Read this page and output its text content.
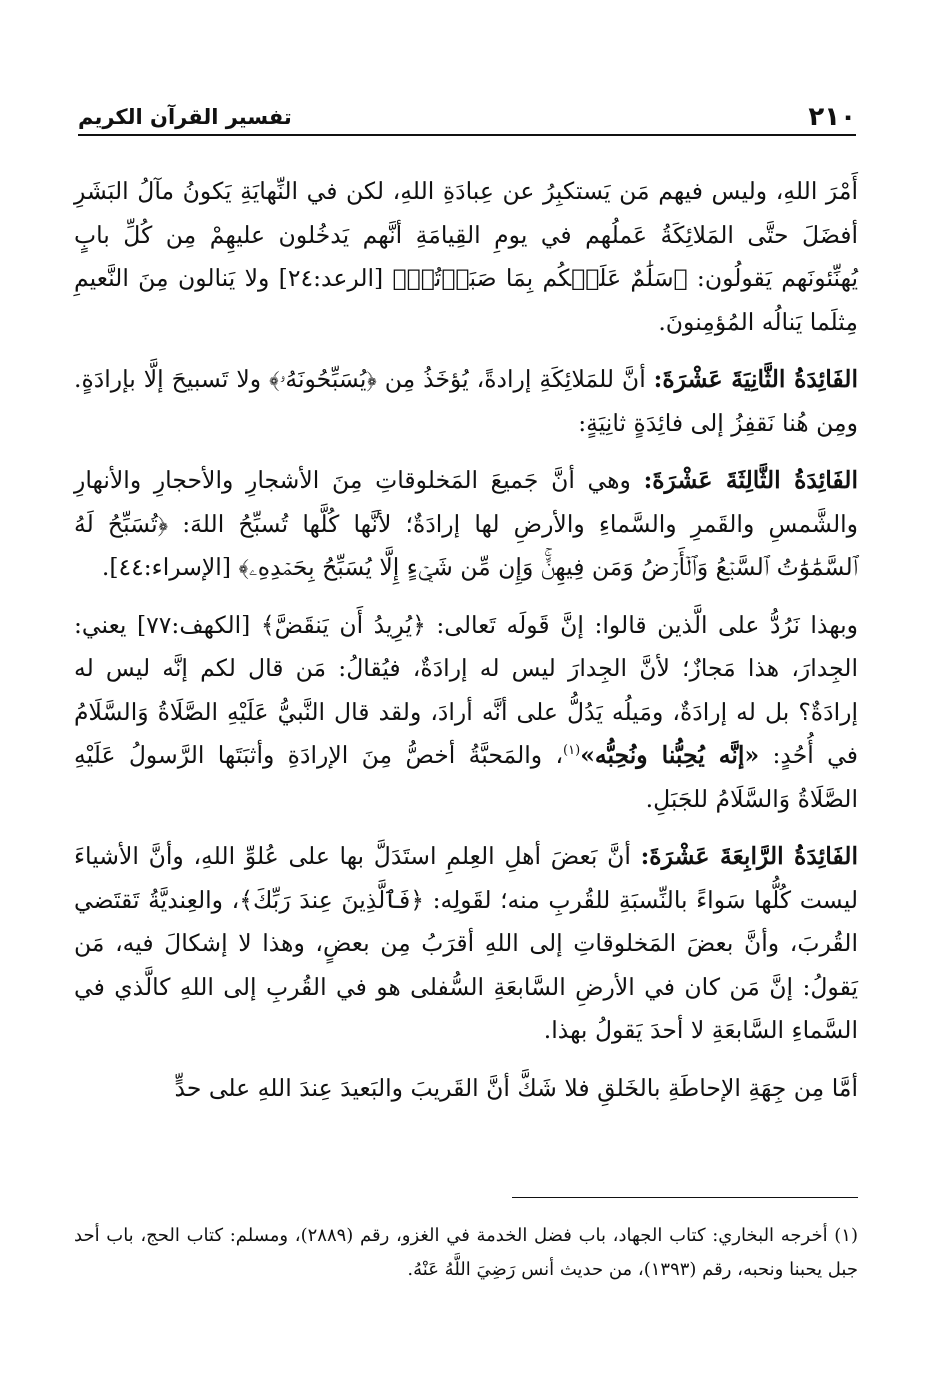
٢١٠
تفسير القرآن الكريم

أَمْرَ اللهِ، وليس فيهم مَن يَستكبِرُ عن عِبادَةِ اللهِ، لكن في النِّهايَةِ يَكونُ مآلُ البَشَرِ أفضَلَ حتَّى المَلائِكَةُ عَملُهم في يومِ القِيامَةِ أنَّهم يَدخُلون عليهِمْ مِن كُلِّ بابٍ يُهنِّئونَهم يَقولُون: ﴿سَلَٰمٌ عَلَيۡكُم بِمَا صَبَرۡتُمۡ﴾ [الرعد:٢٤] ولا يَنالون مِنَ النَّعيمِ مِثلَما يَنالُه المُؤمِنونَ.

الفَائِدَةُ الثَّانِيَةَ عَشْرَةَ: أنَّ للمَلائِكَةِ إرادةً، يُؤخَذُ مِن ﴿يُسَبِّحُونَهُۥ﴾ ولا تَسبيحَ إلَّا بإرادَةٍ. ومِن هُنا نَقفِزُ إلى فائِدَةٍ ثانِيَةٍ:

الفَائِدَةُ الثَّالِثَةَ عَشْرَةَ: وهي أنَّ جَميعَ المَخلوقاتِ مِنَ الأشجارِ والأحجارِ والأنهارِ والشَّمسِ والقَمرِ والسَّماءِ والأرضِ لها إرادَةٌ؛ لأنَّها كُلَّها تُسبِّحُ اللهَ: ﴿تُسَبِّحُ لَهُ ٱلسَّمَٰوَٰتُ ٱلسَّبۡعُ وَٱلۡأَرۡضُ وَمَن فِيهِنَّۚ وَإِن مِّن شَيۡءٍ إِلَّا يُسَبِّحُ بِحَمۡدِهِۦ﴾ [الإسراء:٤٤].

وبهذا نَرُدُّ على الَّذين قالوا: إنَّ قَولَه تَعالى: ﴿يُرِيدُ أَن يَنقَضَّ﴾ [الكهف:٧٧] يعني: الجِدارَ، هذا مَجازٌ؛ لأنَّ الجِدارَ ليس له إرادَةٌ، فيُقالُ: مَن قال لكم إنَّه ليس له إرادَةٌ؟ بل له إرادَةٌ، ومَيلُه يَدُلُّ على أنَّه أرادَ، ولقد قال النَّبيُّ عَلَيْهِ الصَّلَاةُ وَالسَّلَامُ في أُحُدٍ: «إنَّه يُحِبُّنا ونُحِبُّه»$^{(١)}$، والمَحبَّةُ أخصُّ مِنَ الإرادَةِ وأثبَتَها الرَّسولُ عَلَيْهِ الصَّلَاةُ وَالسَّلَامُ للجَبَلِ.

الفَائِدَةُ الرَّابِعَةَ عَشْرَةَ: أنَّ بَعضَ أهلِ العِلمِ استَدَلَّ بها على عُلوِّ اللهِ، وأنَّ الأشياءَ ليست كُلُّها سَواءً بالنِّسبَةِ للقُربِ منه؛ لقَولِه: ﴿فَٱلَّذِينَ عِندَ رَبِّكَ﴾، والعِنديَّةُ تَقتَضي القُربَ، وأنَّ بعضَ المَخلوقاتِ إلى اللهِ أقرَبُ مِن بعضٍ، وهذا لا إشكالَ فيه، مَن يَقولُ: إنَّ مَن كان في الأرضِ السَّابعَةِ السُّفلى هو في القُربِ إلى اللهِ كالَّذي في السَّماءِ السَّابعَةِ لا أحدَ يَقولُ بهذا.

أمَّا مِن جِهَةِ الإحاطَةِ بالخَلقِ فلا شَكَّ أنَّ القَريبَ والبَعيدَ عِندَ اللهِ على حدٍّ

(١) أخرجه البخاري: كتاب الجهاد، باب فضل الخدمة في الغزو، رقم (٢٨٨٩)، ومسلم: كتاب الحج، باب أحد جبل يحبنا ونحبه، رقم (١٣٩٣)، من حديث أنس رَضِيَ اللَّهُ عَنْهُ.
